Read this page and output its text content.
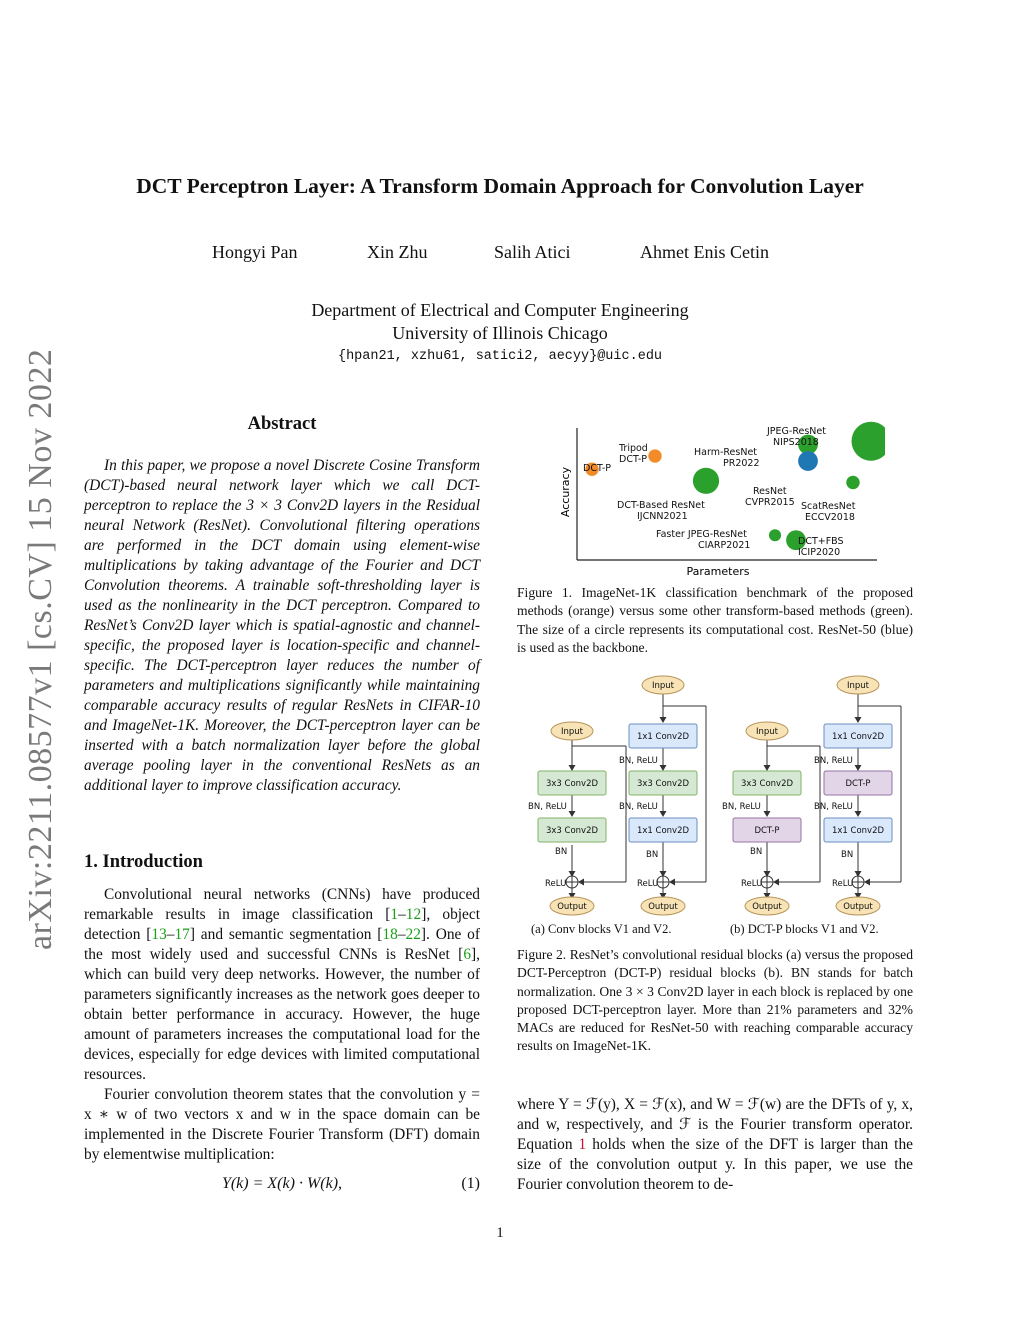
DCT Perceptron Layer: A Transform Domain Approach for Convolution Layer
Hongyi Pan	Xin Zhu	Salih Atici	Ahmet Enis Cetin
Department of Electrical and Computer Engineering
University of Illinois Chicago
{hpan21, xzhu61, satici2, aecyy}@uic.edu
arXiv:2211.08577v1 [cs.CV] 15 Nov 2022	Abstract
In this paper, we propose a novel Discrete Cosine Transform (DCT)-based neural network layer which we call DCT-perceptron to replace the 3 × 3 Conv2D layers in the Residual neural Network (ResNet). Convolutional filtering operations are performed in the DCT domain using element-wise multiplications by taking advantage of the Fourier and DCT Convolution theorems. A trainable soft-thresholding layer is used as the nonlinearity in the DCT perceptron. Compared to ResNet’s Conv2D layer which is spatial-agnostic and channel-specific, the proposed layer is location-specific and channel-specific. The DCT-perceptron layer reduces the number of parameters and multiplications significantly while maintaining comparable accuracy results of regular ResNets in CIFAR-10 and ImageNet-1K. Moreover, the DCT-perceptron layer can be inserted with a batch normalization layer before the global average pooling layer in the conventional ResNets as an additional layer to improve classification accuracy.
1. Introduction
Convolutional neural networks (CNNs) have produced remarkable results in image classification [1–12], object detection [13–17] and semantic segmentation [18–22]. One of the most widely used and successful CNNs is ResNet [6], which can build very deep networks. However, the number of parameters significantly increases as the network goes deeper to obtain better performance in accuracy. However, the huge amount of parameters increases the computational load for the devices, especially for edge devices with limited computational resources.
Fourier convolution theorem states that the convolution y = x ∗ w of two vectors x and w in the space domain can be implemented in the Discrete Fourier Transform (DFT) domain by elementwise multiplication:
Y(k) = X(k) · W(k),	(1)
Parameters
Accuracy DCT-P
Tripod
DCT-P
DCT-Based ResNet
IJCNN2021
Harm-ResNet
PR2022
JPEG-ResNet
NIPS2018
ResNet
CVPR2015 ScatResNet
ECCV2018
Faster JPEG-ResNet
CIARP2021	DCT+FBS
ICIP2020
Figure 1. ImageNet-1K classification benchmark of the proposed methods (orange) versus some other transform-based methods (green). The size of a circle represents its computational cost. ResNet-50 (blue) is used as the backbone.
Input
3x3 Conv2D
BN, ReLU
3x3 Conv2D
BN
ReLU
Output
Input
1x1 Conv2D
BN, ReLU
3x3 Conv2D
BN, ReLU
1x1 Conv2D
BN
ReLU
Output
Input
3x3 Conv2D
BN, ReLU
DCT-P
BN
ReLU
Output
Input
1x1 Conv2D
BN, ReLU
DCT-P
BN, ReLU
1x1 Conv2D
BN
ReLU
Output
(a) Conv blocks V1 and V2.	(b) DCT-P blocks V1 and V2.
Figure 2. ResNet’s convolutional residual blocks (a) versus the proposed DCT-Perceptron (DCT-P) residual blocks (b). BN stands for batch normalization. One 3 × 3 Conv2D layer in each block is replaced by one proposed DCT-perceptron layer. More than 21% parameters and 32% MACs are reduced for ResNet-50 with reaching comparable accuracy results on ImageNet-1K.
where Y = ℱ(y), X = ℱ(x), and W = ℱ(w) are the DFTs of y, x, and w, respectively, and ℱ is the Fourier transform operator. Equation 1 holds when the size of the DFT is larger than the size of the convolution output y. In this paper, we use the Fourier convolution theorem to de-
1
